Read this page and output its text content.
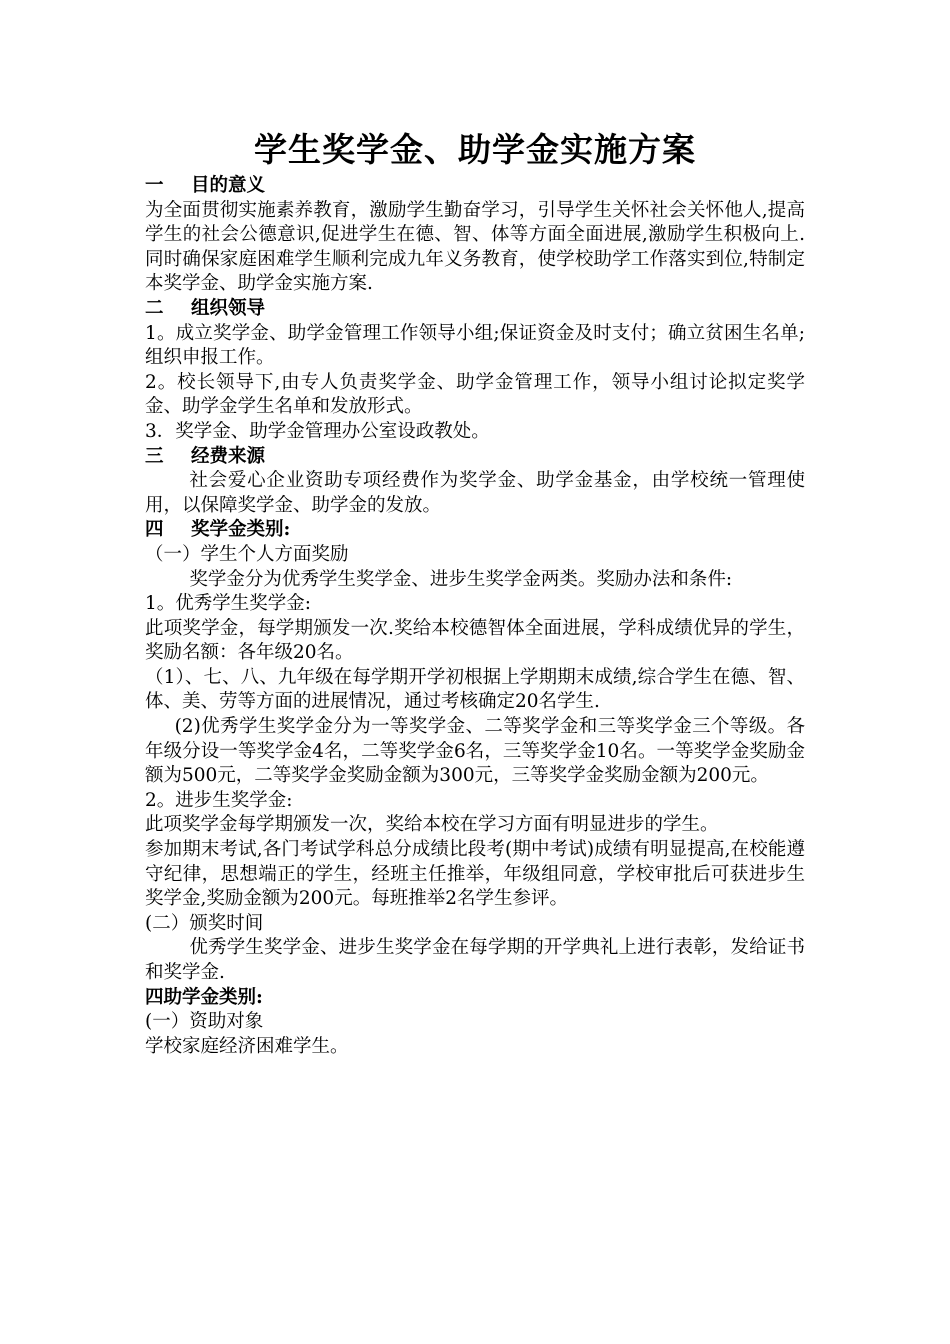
学生奖学金、助学金实施方案
一 目的意义

为全面贯彻实施素养教育，激励学生勤奋学习，引导学生关怀社会关怀他人,提高学生的社会公德意识,促进学生在德、智、体等方面全面进展,激励学生积极向上.同时确保家庭困难学生顺利完成九年义务教育，使学校助学工作落实到位,特制定本奖学金、助学金实施方案.

二 组织领导

1。成立奖学金、助学金管理工作领导小组;保证资金及时支付；确立贫困生名单;组织申报工作。

2。校长领导下,由专人负责奖学金、助学金管理工作，领导小组讨论拟定奖学金、助学金学生名单和发放形式。

3．奖学金、助学金管理办公室设政教处。

三 经费来源

社会爱心企业资助专项经费作为奖学金、助学金基金，由学校统一管理使用，以保障奖学金、助学金的发放。

四 奖学金类别:

（一）学生个人方面奖励

奖学金分为优秀学生奖学金、进步生奖学金两类。奖励办法和条件:

1。优秀学生奖学金:

此项奖学金，每学期颁发一次.奖给本校德智体全面进展，学科成绩优异的学生，奖励名额：各年级20名。

（1）、七、八、九年级在每学期开学初根据上学期期末成绩,综合学生在德、智、体、美、劳等方面的进展情况，通过考核确定20名学生.

(2)优秀学生奖学金分为一等奖学金、二等奖学金和三等奖学金三个等级。各年级分设一等奖学金4名，二等奖学金6名，三等奖学金10名。一等奖学金奖励金额为500元，二等奖学金奖励金额为300元，三等奖学金奖励金额为200元。

2。进步生奖学金:

此项奖学金每学期颁发一次，奖给本校在学习方面有明显进步的学生。

参加期末考试,各门考试学科总分成绩比段考(期中考试)成绩有明显提高,在校能遵守纪律，思想端正的学生，经班主任推举，年级组同意，学校审批后可获进步生奖学金,奖励金额为200元。每班推举2名学生参评。

(二）颁奖时间

优秀学生奖学金、进步生奖学金在每学期的开学典礼上进行表彰，发给证书和奖学金.

四助学金类别:

(一）资助对象

学校家庭经济困难学生。
